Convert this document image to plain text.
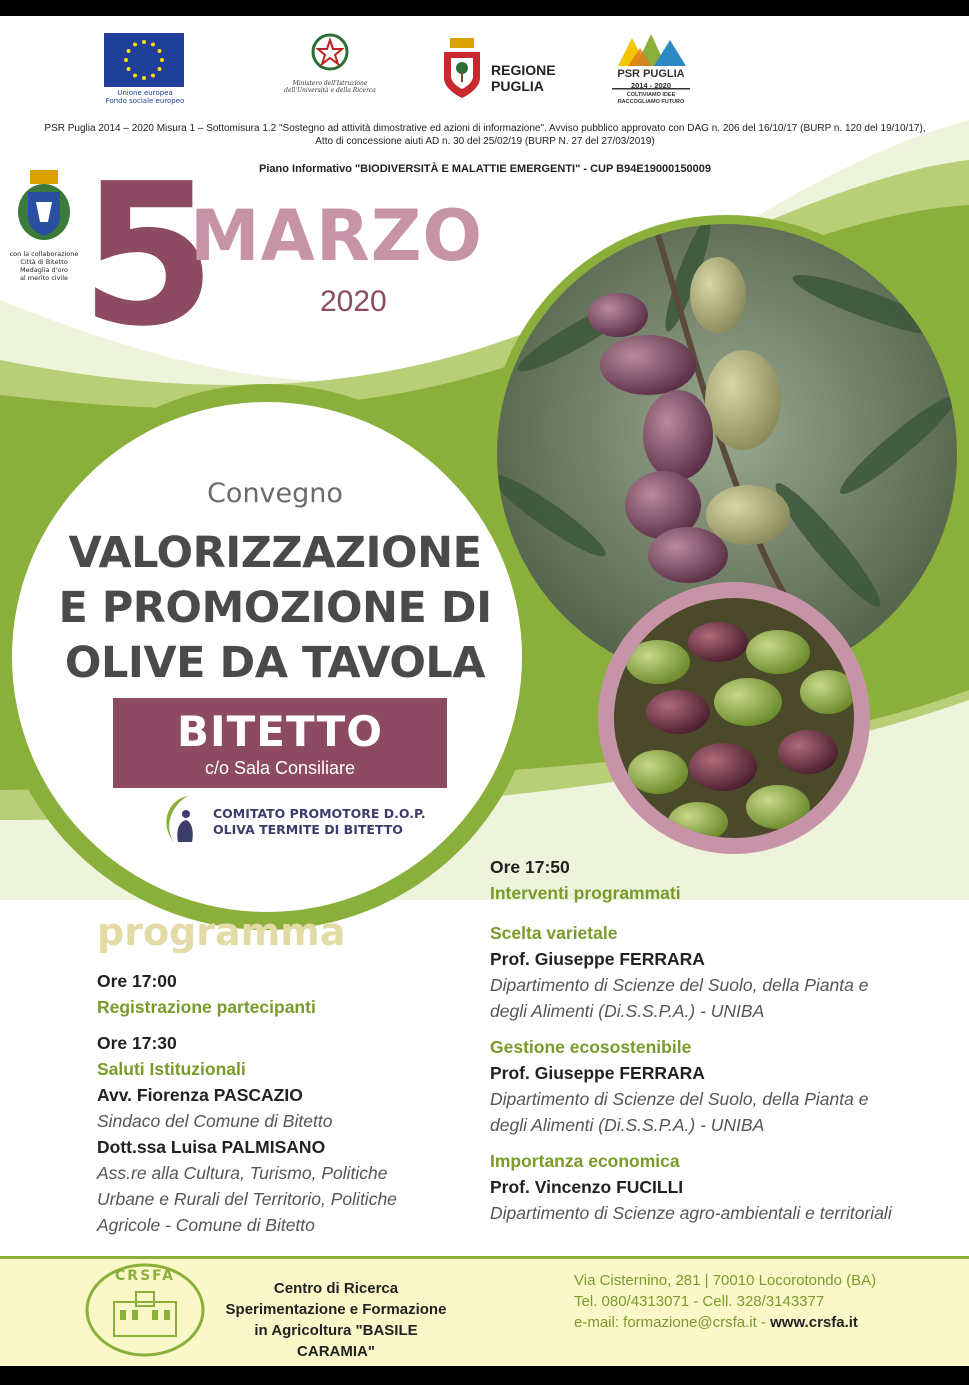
Unione europea
Fondo sociale europeo
Ministero dell'Istruzione dell'Università e della Ricerca
REGIONE
PUGLIA
PSR PUGLIA
2014 - 2020
COLTIVIAMO IDEE RACCOGLIAMO FUTURO
PSR Puglia 2014 – 2020 Misura 1 – Sottomisura 1.2 "Sostegno ad attività dimostrative ed azioni di informazione". Avviso pubblico approvato con DAG n. 206 del 16/10/17 (BURP n. 120 del 19/10/17), Atto di concessione aiuti AD n. 30 del 25/02/19 (BURP N. 27 del 27/03/2019)
Piano Informativo "BIODIVERSITÀ E MALATTIE EMERGENTI" - CUP B94E19000150009
con la collaborazione
Città di Bitetto
Medaglia d'oro
al merito civile 5
MARZO
2020
Convegno
VALORIZZAZIONE
E PROMOZIONE DI
OLIVE DA TAVOLA
BITETTO
c/o Sala Consiliare
COMITATO PROMOTORE D.O.P.
OLIVA TERMITE DI BITETTO
programma
Ore 17:00
Registrazione partecipanti
Ore 17:30
Saluti Istituzionali
Avv. Fiorenza PASCAZIO
Sindaco del Comune di Bitetto
Dott.ssa Luisa PALMISANO
Ass.re alla Cultura, Turismo, Politiche Urbane e Rurali del Territorio, Politiche Agricole - Comune di Bitetto
Ore 17:50
Interventi programmati
Scelta varietale
Prof. Giuseppe FERRARA
Dipartimento di Scienze del Suolo, della Pianta e degli Alimenti (Di.S.S.P.A.) - UNIBA
Gestione ecosostenibile
Prof. Giuseppe FERRARA
Dipartimento di Scienze del Suolo, della Pianta e degli Alimenti (Di.S.S.P.A.) - UNIBA
Importanza economica
Prof. Vincenzo FUCILLI
Dipartimento di Scienze agro-ambientali e territoriali
CRSFA
Centro di Ricerca
Sperimentazione e Formazione
in Agricoltura "BASILE CARAMIA"
Via Cisternino, 281 | 70010 Locorotondo (BA)
Tel. 080/4313071 - Cell. 328/3143377
e-mail: formazione@crsfa.it - www.crsfa.it
